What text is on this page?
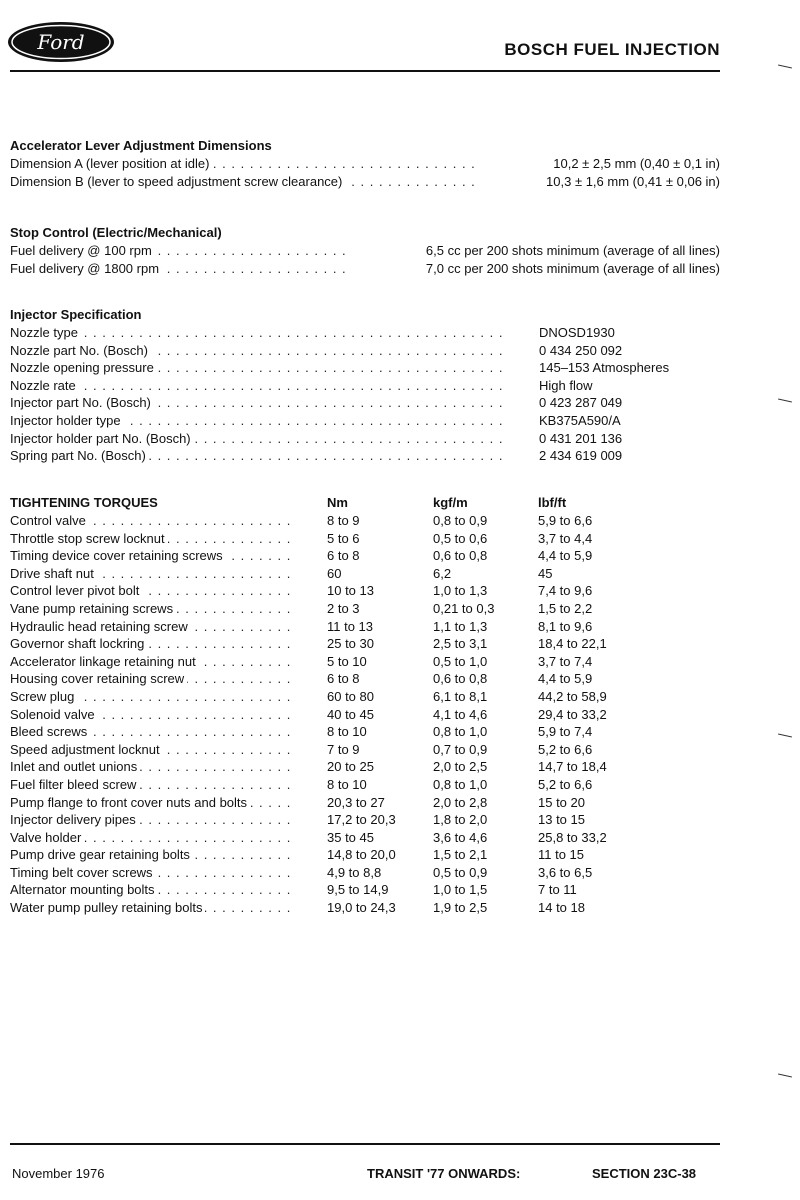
Ford	BOSCH FUEL INJECTION
Accelerator Lever Adjustment Dimensions
Dimension A (lever position at idle) . . .	10,2 ± 2,5 mm (0,40 ± 0,1 in)
Dimension B (lever to speed adjustment screw clearance) . . .	10,3 ± 1,6 mm (0,41 ± 0,06 in)
Stop Control (Electric/Mechanical)
Fuel delivery @ 100 rpm . . .	6,5 cc per 200 shots minimum (average of all lines)
Fuel delivery @ 1800 rpm . . .	7,0 cc per 200 shots minimum (average of all lines)
Injector Specification
Nozzle type . . .	DNOSD1930
Nozzle part No. (Bosch) . . .	0 434 250 092
Nozzle opening pressure . . .	145–153 Atmospheres
Nozzle rate . . .	High flow
Injector part No. (Bosch) . . .	0 423 287 049
Injector holder type . . .	KB375A590/A
Injector holder part No. (Bosch) . . .	0 431 201 136
Spring part No. (Bosch) . . .	2 434 619 009
TIGHTENING TORQUES	Nm	kgf/m	lbf/ft
Control valve . . .	8 to 9	0,8 to 0,9	5,9 to 6,6
Throttle stop screw locknut . . .	5 to 6	0,5 to 0,6	3,7 to 4,4
Timing device cover retaining screws . . .	6 to 8	0,6 to 0,8	4,4 to 5,9
Drive shaft nut . . .	60	6,2	45
Control lever pivot bolt . . .	10 to 13	1,0 to 1,3	7,4 to 9,6
Vane pump retaining screws . . .	2 to 3	0,21 to 0,3	1,5 to 2,2
Hydraulic head retaining screw . . .	11 to 13	1,1 to 1,3	8,1 to 9,6
Governor shaft lockring . . .	25 to 30	2,5 to 3,1	18,4 to 22,1
Accelerator linkage retaining nut . . .	5 to 10	0,5 to 1,0	3,7 to 7,4
Housing cover retaining screw . . .	6 to 8	0,6 to 0,8	4,4 to 5,9
Screw plug . . .	60 to 80	6,1 to 8,1	44,2 to 58,9
Solenoid valve . . .	40 to 45	4,1 to 4,6	29,4 to 33,2
Bleed screws . . .	8 to 10	0,8 to 1,0	5,9 to 7,4
Speed adjustment locknut . . .	7 to 9	0,7 to 0,9	5,2 to 6,6
Inlet and outlet unions . . .	20 to 25	2,0 to 2,5	14,7 to 18,4
Fuel filter bleed screw . . .	8 to 10	0,8 to 1,0	5,2 to 6,6
Pump flange to front cover nuts and bolts . . .	20,3 to 27	2,0 to 2,8	15 to 20
Injector delivery pipes . . .	17,2 to 20,3	1,8 to 2,0	13 to 15
Valve holder . . .	35 to 45	3,6 to 4,6	25,8 to 33,2
Pump drive gear retaining bolts . . .	14,8 to 20,0	1,5 to 2,1	11 to 15
Timing belt cover screws . . .	4,9 to 8,8	0,5 to 0,9	3,6 to 6,5
Alternator mounting bolts . . .	9,5 to 14,9	1,0 to 1,5	7 to 11
Water pump pulley retaining bolts . . .	19,0 to 24,3	1,9 to 2,5	14 to 18
November 1976	TRANSIT '77 ONWARDS:	SECTION 23C-38
